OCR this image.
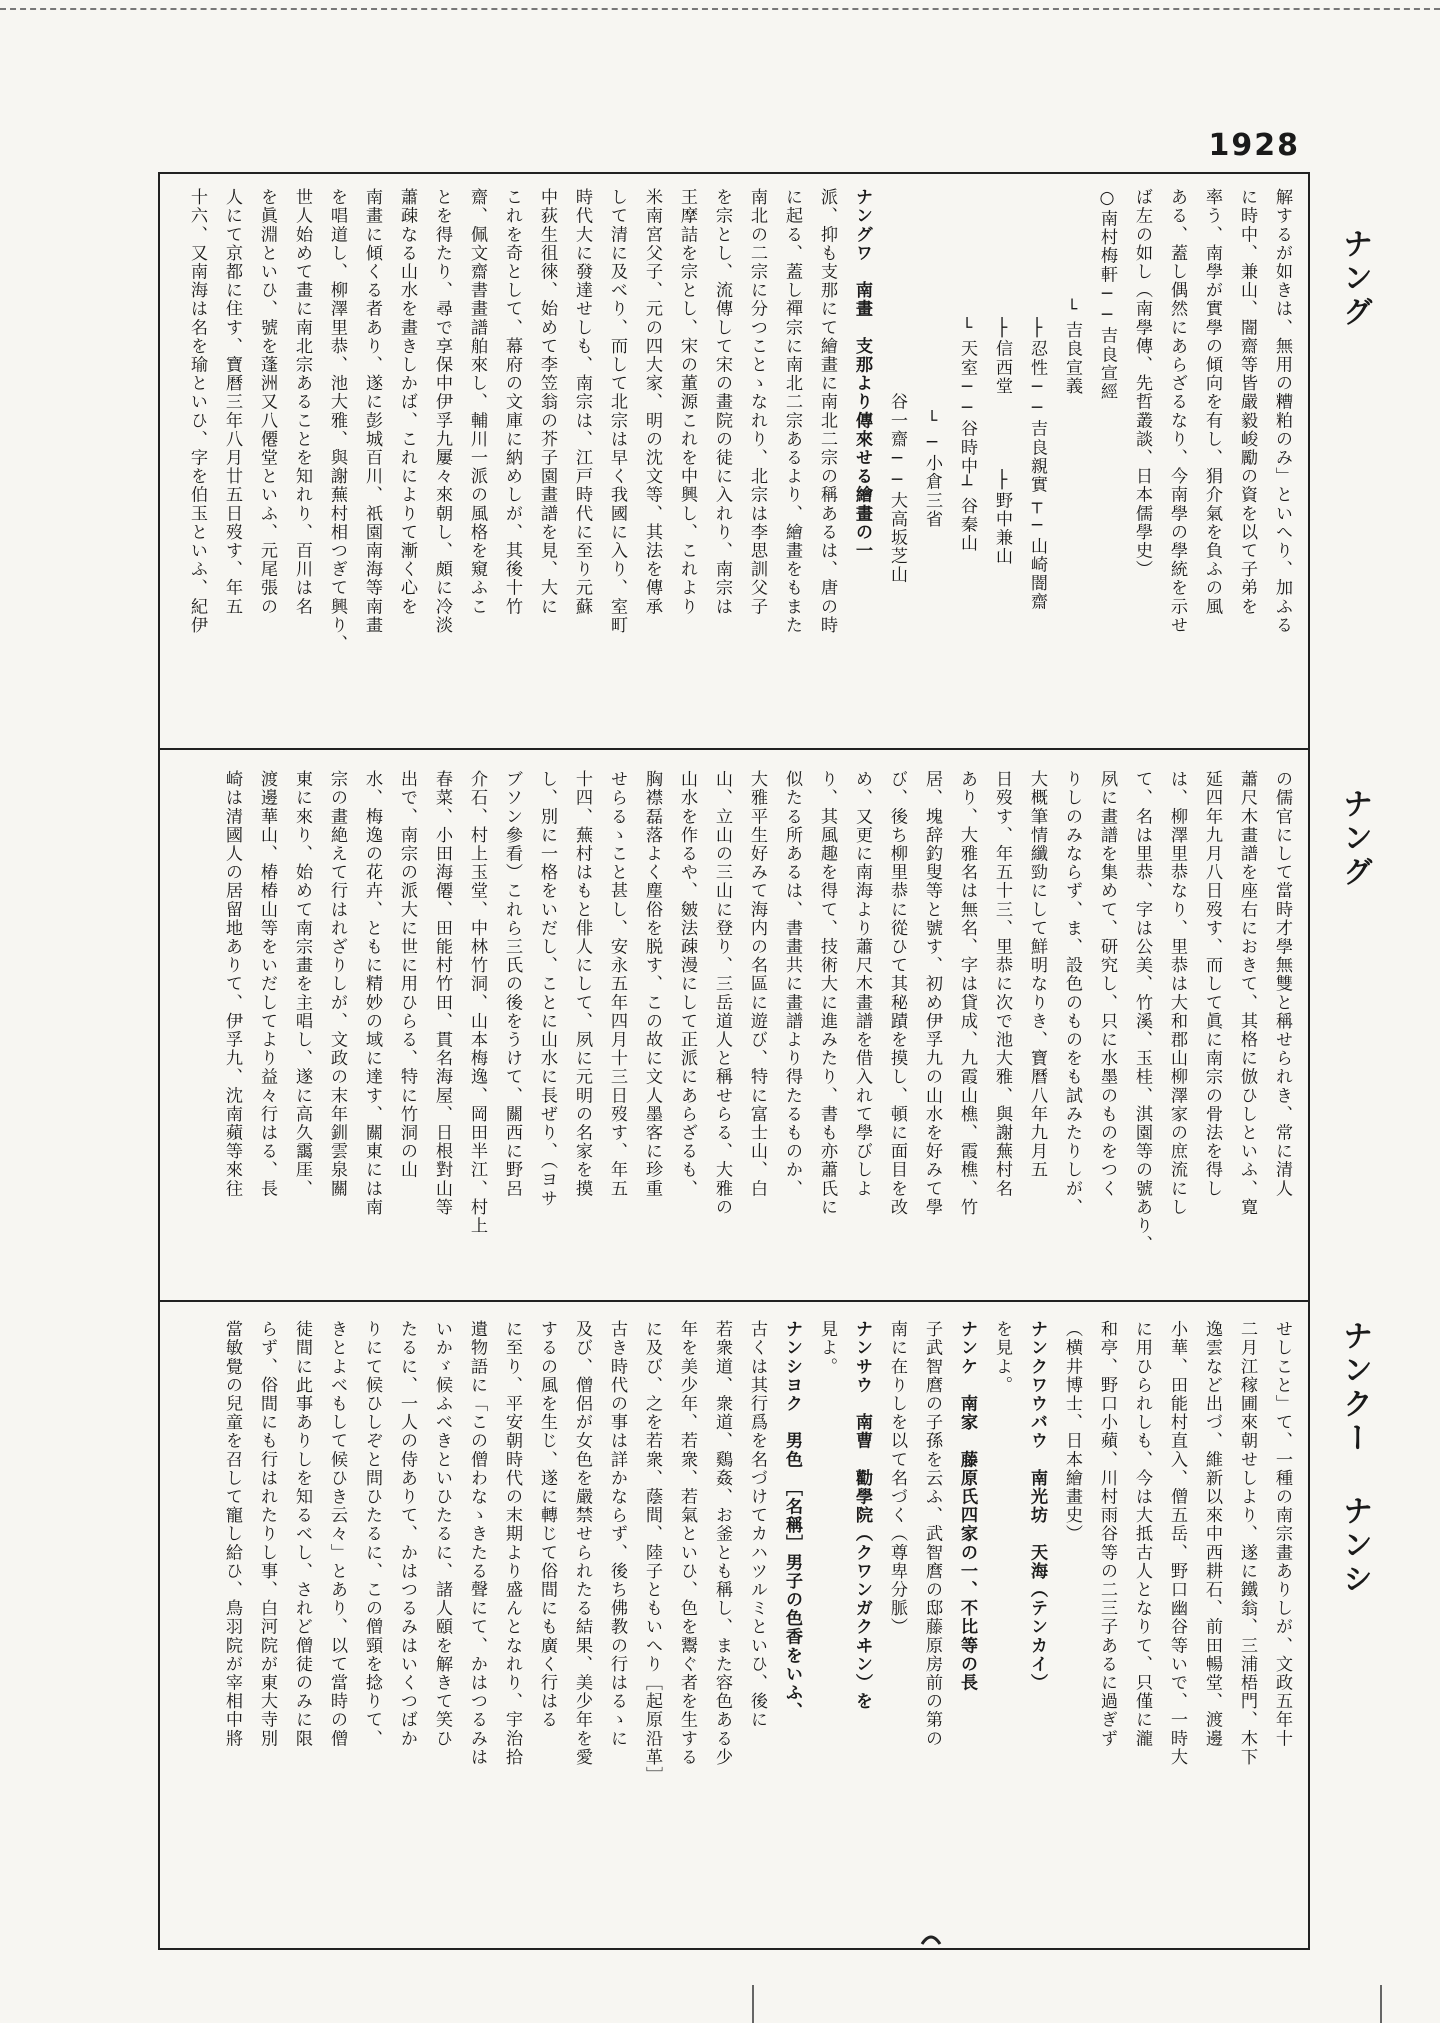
1928
ナング
ナング
ナンクー ナンシ
解するが如きは、無用の糟粕のみ」といへり、加ふる
に時中、兼山、闇齋等皆嚴毅峻勵の資を以て子弟を
率う、南學が實學の傾向を有し、狷介氣を負ふの風
ある、蓋し偶然にあらざるなり、今南學の學統を示せ
ば左の如し（南學傳、先哲叢談、日本儒學史）
○南村梅軒──吉良宣經
　　　　　　└吉良宣義
　　　　　　　├忍性──吉良親實┬─山崎闇齋
　　　　　　　├信西堂　　　　├野中兼山
　　　　　　　└天室──谷時中┴谷秦山
　　　　　　　　　　　　└─小倉三省
　　　　　　　　　　　谷一齋──大高坂芝山
ナングワ　南畫　支那より傳來せる繪畫の一
派、抑も支那にて繪畫に南北二宗の稱あるは、唐の時
に起る、蓋し禪宗に南北二宗あるより、繪畫をもまた
南北の二宗に分つことゝなれり、北宗は李思訓父子
を宗とし、流傳して宋の畫院の徒に入れり、南宗は
王摩詰を宗とし、宋の董源これを中興し、これより
米南宮父子、元の四大家、明の沈文等、其法を傳承
して清に及べり、而して北宗は早く我國に入り、室町
時代大に發達せしも、南宗は、江戸時代に至り元蘇
中荻生徂徠、始めて李笠翁の芥子園畫譜を見、大に
これを奇として、幕府の文庫に納めしが、其後十竹
齋、佩文齋書畫譜舶來し、輔川一派の風格を窺ふこ
とを得たり、尋で享保中伊孚九屢々來朝し、頗に冷淡
蕭疎なる山水を畫きしかば、これによりて漸く心を
南畫に傾くる者あり、遂に彭城百川、祇園南海等南畫
を唱道し、柳澤里恭、池大雅、與謝蕪村相つぎて興り、
世人始めて畫に南北宗あることを知れり、百川は名
を眞淵といひ、號を蓬洲又八僊堂といふ、元尾張の
人にて京都に住す、寶曆三年八月廿五日歿す、年五
十六、又南海は名を瑜といひ、字を伯玉といふ、紀伊
の儒官にして當時才學無雙と稱せられき、常に清人
蕭尺木畫譜を座右におきて、其格に倣ひしといふ、寛
延四年九月八日歿す、而して眞に南宗の骨法を得し
は、柳澤里恭なり、里恭は大和郡山柳澤家の庶流にし
て、名は里恭、字は公美、竹溪、玉桂、淇園等の號あり、
夙に畫譜を集めて、研究し、只に水墨のものをつく
りしのみならず、ま、設色のものをも試みたりしが、
大概筆情纖勁にして鮮明なりき、寶曆八年九月五
日歿す、年五十三、里恭に次で池大雅、與謝蕪村名
あり、大雅名は無名、字は貸成、九霞山樵、霞樵、竹
居、塊辞釣叟等と號す、初め伊孚九の山水を好みて學
び、後ち柳里恭に從ひて其秘蹟を摸し、頓に面目を改
め、又更に南海より蕭尺木畫譜を借入れて學びしよ
り、其風趣を得て、技術大に進みたり、書も亦蕭氏に
似たる所あるは、書畫共に畫譜より得たるものか、
大雅平生好みて海内の名區に遊び、特に富士山、白
山、立山の三山に登り、三岳道人と稱せらる、大雅の
山水を作るや、皴法疎漫にして正派にあらざるも、
胸襟磊落よく塵俗を脱す、この故に文人墨客に珍重
せらるゝこと甚し、安永五年四月十三日歿す、年五
十四、蕪村はもと俳人にして、夙に元明の名家を摸
し、別に一格をいだし、ことに山水に長ぜり、（ヨサ
ブソン參看）これら三氏の後をうけて、關西に野呂
介石、村上玉堂、中林竹洞、山本梅逸、岡田半江、村上
春菜、小田海僊、田能村竹田、貫名海屋、日根對山等
出で、南宗の派大に世に用ひらる、特に竹洞の山
水、梅逸の花卉、ともに精妙の域に達す、關東には南
宗の畫絶えて行はれざりしが、文政の末年釧雲泉關
東に來り、始めて南宗畫を主唱し、遂に高久靄厓、
渡邊華山、椿椿山等をいだしてより益々行はる、長
崎は清國人の居留地ありて、伊孚九、沈南蘋等來往
せしこと」て、一種の南宗畫ありしが、文政五年十
二月江稼圃來朝せしより、遂に鐵翁、三浦梧門、木下
逸雲など出づ、維新以來中西耕石、前田暢堂、渡邊
小華、田能村直入、僧五岳、野口幽谷等いで、一時大
に用ひられしも、今は大抵古人となりて、只僅に瀧
和亭、野口小蘋、川村雨谷等の二三子あるに過ぎず
（横井博士、日本繪畫史）
ナンクワウバウ　南光坊　天海（テンカイ）
を見よ。
ナンケ　南家　藤原氏四家の一、不比等の長
子武智麿の子孫を云ふ、武智麿の邸藤原房前の第の
南に在りしを以て名づく（尊卑分脈）
ナンサウ　南曹　勸學院（クワンガクヰン）を
見よ。
ナンシヨク　男色　［名稱］男子の色香をいふ、
古くは其行爲を名づけてカハツルミといひ、後に
若衆道、衆道、鷄姦、お釜とも稱し、また容色ある少
年を美少年、若衆、若氣といひ、色を鬻ぐ者を生する
に及び、之を若衆、蔭間、陸子ともいへり［起原沿革］
古き時代の事は詳かならず、後ち佛教の行はるゝに
及び、僧侶が女色を嚴禁せられたる結果、美少年を愛
するの風を生じ、遂に轉じて俗間にも廣く行はる
に至り、平安朝時代の末期より盛んとなれり、宇治拾
遺物語に「この僧わなゝきたる聲にて、かはつるみは
いかゞ候ふべきといひたるに、諸人頤を解きて笑ひ
たるに、一人の侍ありて、かはつるみはいくつばか
りにて候ひしぞと問ひたるに、この僧頸を捻りて、
きとよべもして候ひき云々」とあり、以て當時の僧
徒間に此事ありしを知るべし、されど僧徒のみに限
らず、俗間にも行はれたりし事、白河院が東大寺別
當敏覺の兒童を召して寵し給ひ、鳥羽院が宰相中將
